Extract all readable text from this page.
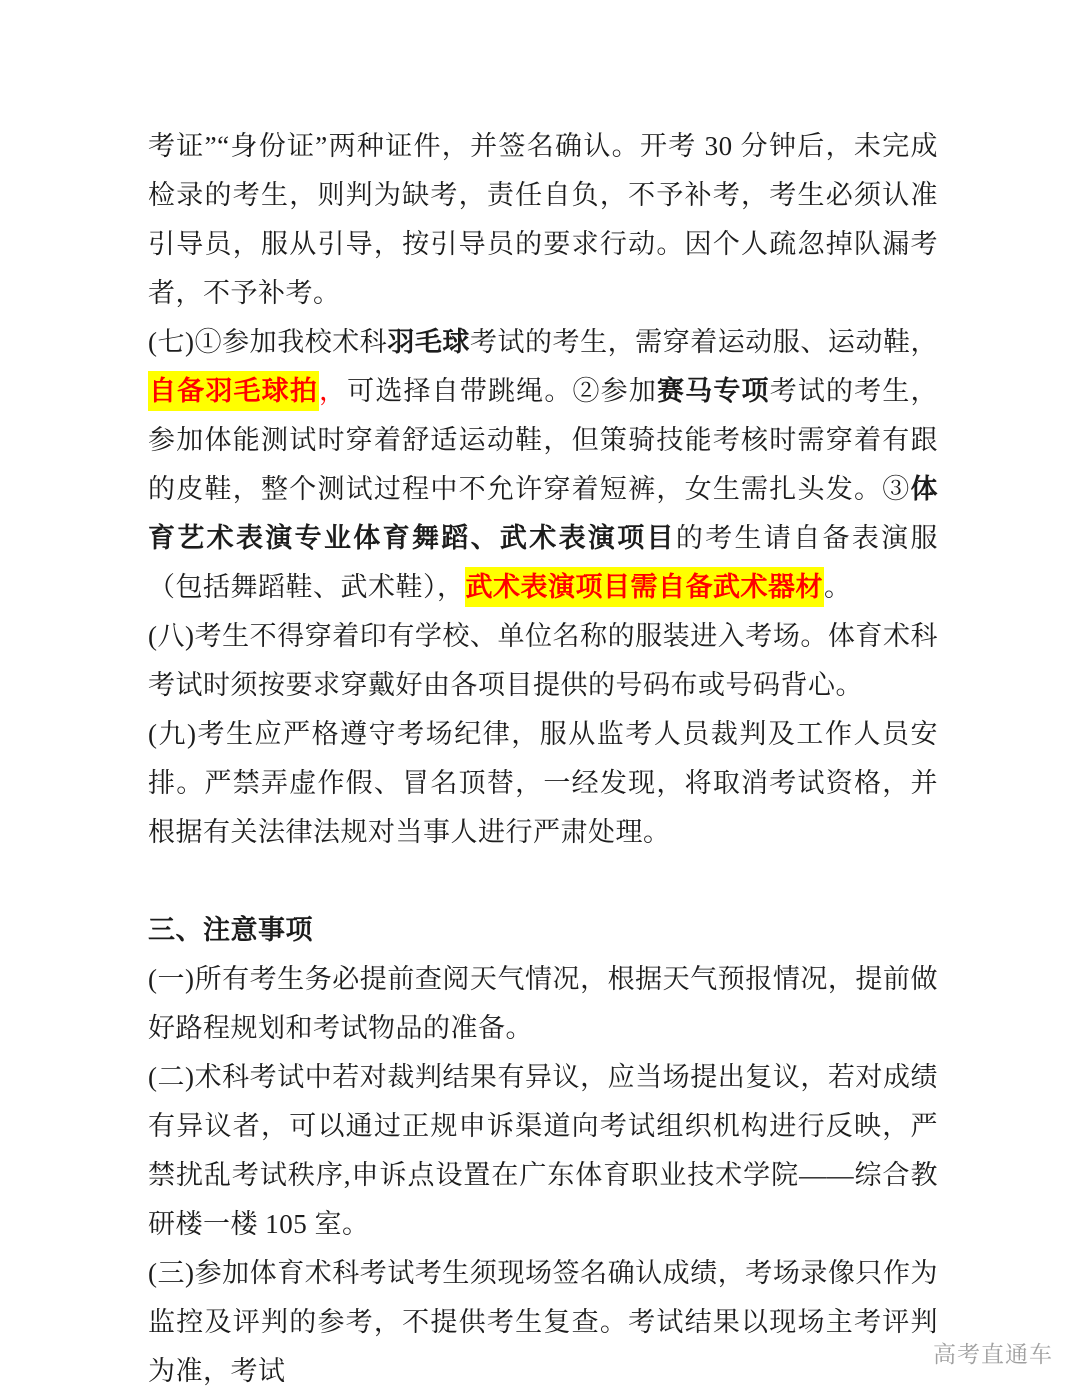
考证”“身份证”两种证件，并签名确认。开考 30 分钟后，未完成检录的考生，则判为缺考，责任自负，不予补考，考生必须认准引导员，服从引导，按引导员的要求行动。因个人疏忽掉队漏考者，不予补考。

(七)①参加我校术科羽毛球考试的考生，需穿着运动服、运动鞋，自备羽毛球拍，可选择自带跳绳。②参加赛马专项考试的考生，参加体能测试时穿着舒适运动鞋，但策骑技能考核时需穿着有跟的皮鞋，整个测试过程中不允许穿着短裤，女生需扎头发。③体育艺术表演专业体育舞蹈、武术表演项目的考生请自备表演服（包括舞蹈鞋、武术鞋），武术表演项目需自备武术器材。

(八)考生不得穿着印有学校、单位名称的服装进入考场。体育术科考试时须按要求穿戴好由各项目提供的号码布或号码背心。

(九)考生应严格遵守考场纪律，服从监考人员裁判及工作人员安排。严禁弄虚作假、冒名顶替，一经发现，将取消考试资格，并根据有关法律法规对当事人进行严肃处理。

三、注意事项

(一)所有考生务必提前查阅天气情况，根据天气预报情况，提前做好路程规划和考试物品的准备。

(二)术科考试中若对裁判结果有异议，应当场提出复议，若对成绩有异议者，可以通过正规申诉渠道向考试组织机构进行反映，严禁扰乱考试秩序,申诉点设置在广东体育职业技术学院——综合教研楼一楼 105 室。

(三)参加体育术科考试考生须现场签名确认成绩，考场录像只作为监控及评判的参考，不提供考生复查。考试结果以现场主考评判为准，考试

高考直通车
